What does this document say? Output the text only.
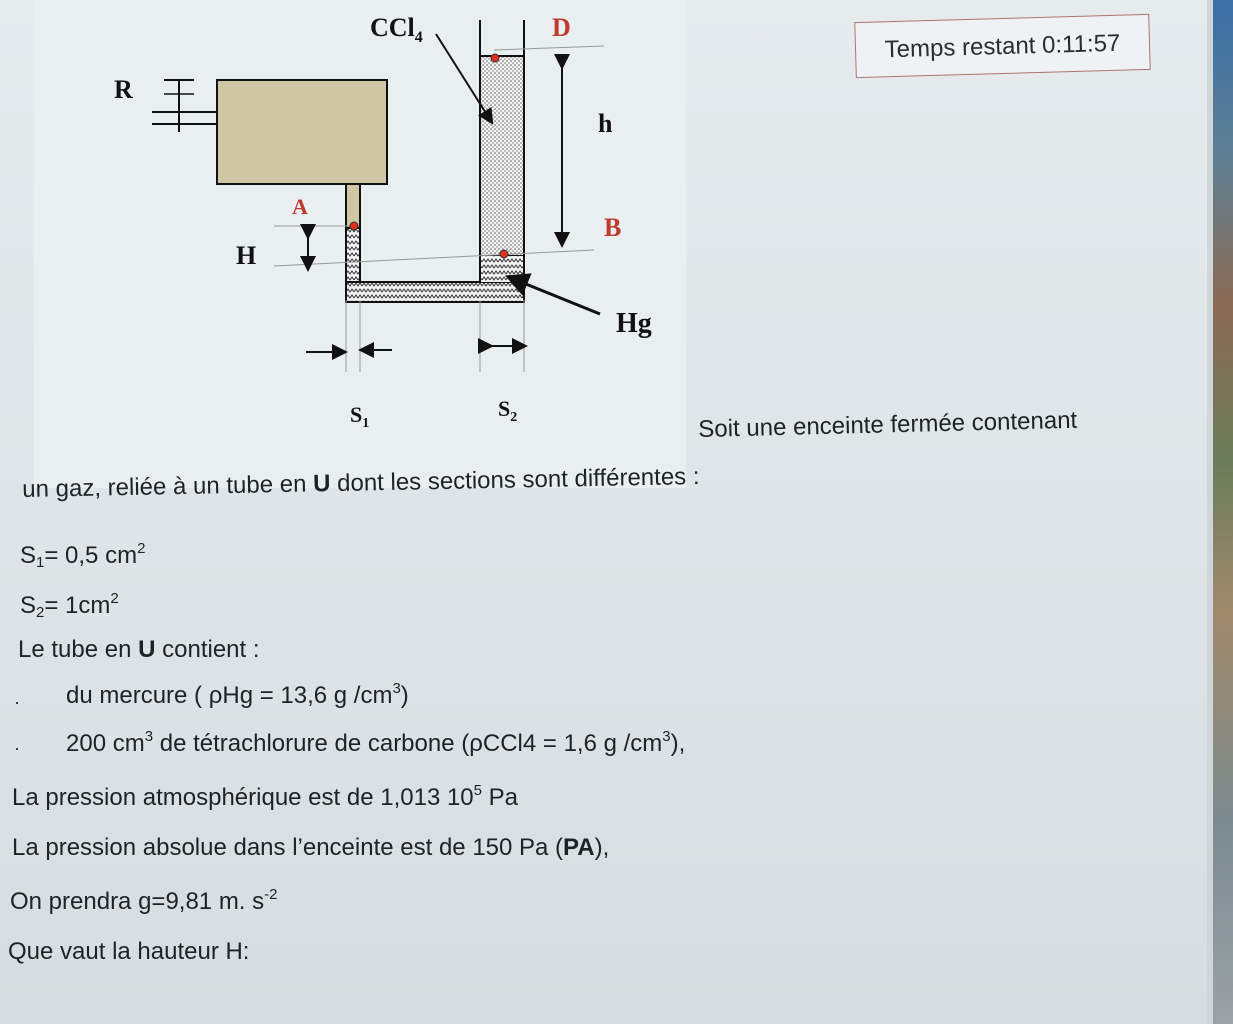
CCl$_4$	D
R
h
A
B
H
Hg
$S_1$
$S_2$
Temps restant 0:11:57
Soit une enceinte fermée contenant
un gaz, reliée à un tube en U dont les sections sont différentes :
$S_1= 0,5$ $cm^2$
$S_2= 1cm^2$
Le tube en U contient :
· du mercure ( ρHg = 13,6 g $/cm^3$)
· 200 $cm^3$ de tétrachlorure de carbone (ρCCl4 = 1,6 g $/cm^3$),
La pression atmosphérique est de 1,013 $10^5$ Pa
La pression absolue dans l’enceinte est de 150 Pa (PA),
On prendra g=9,81 m. $s^{-2}$
Que vaut la hauteur H:
